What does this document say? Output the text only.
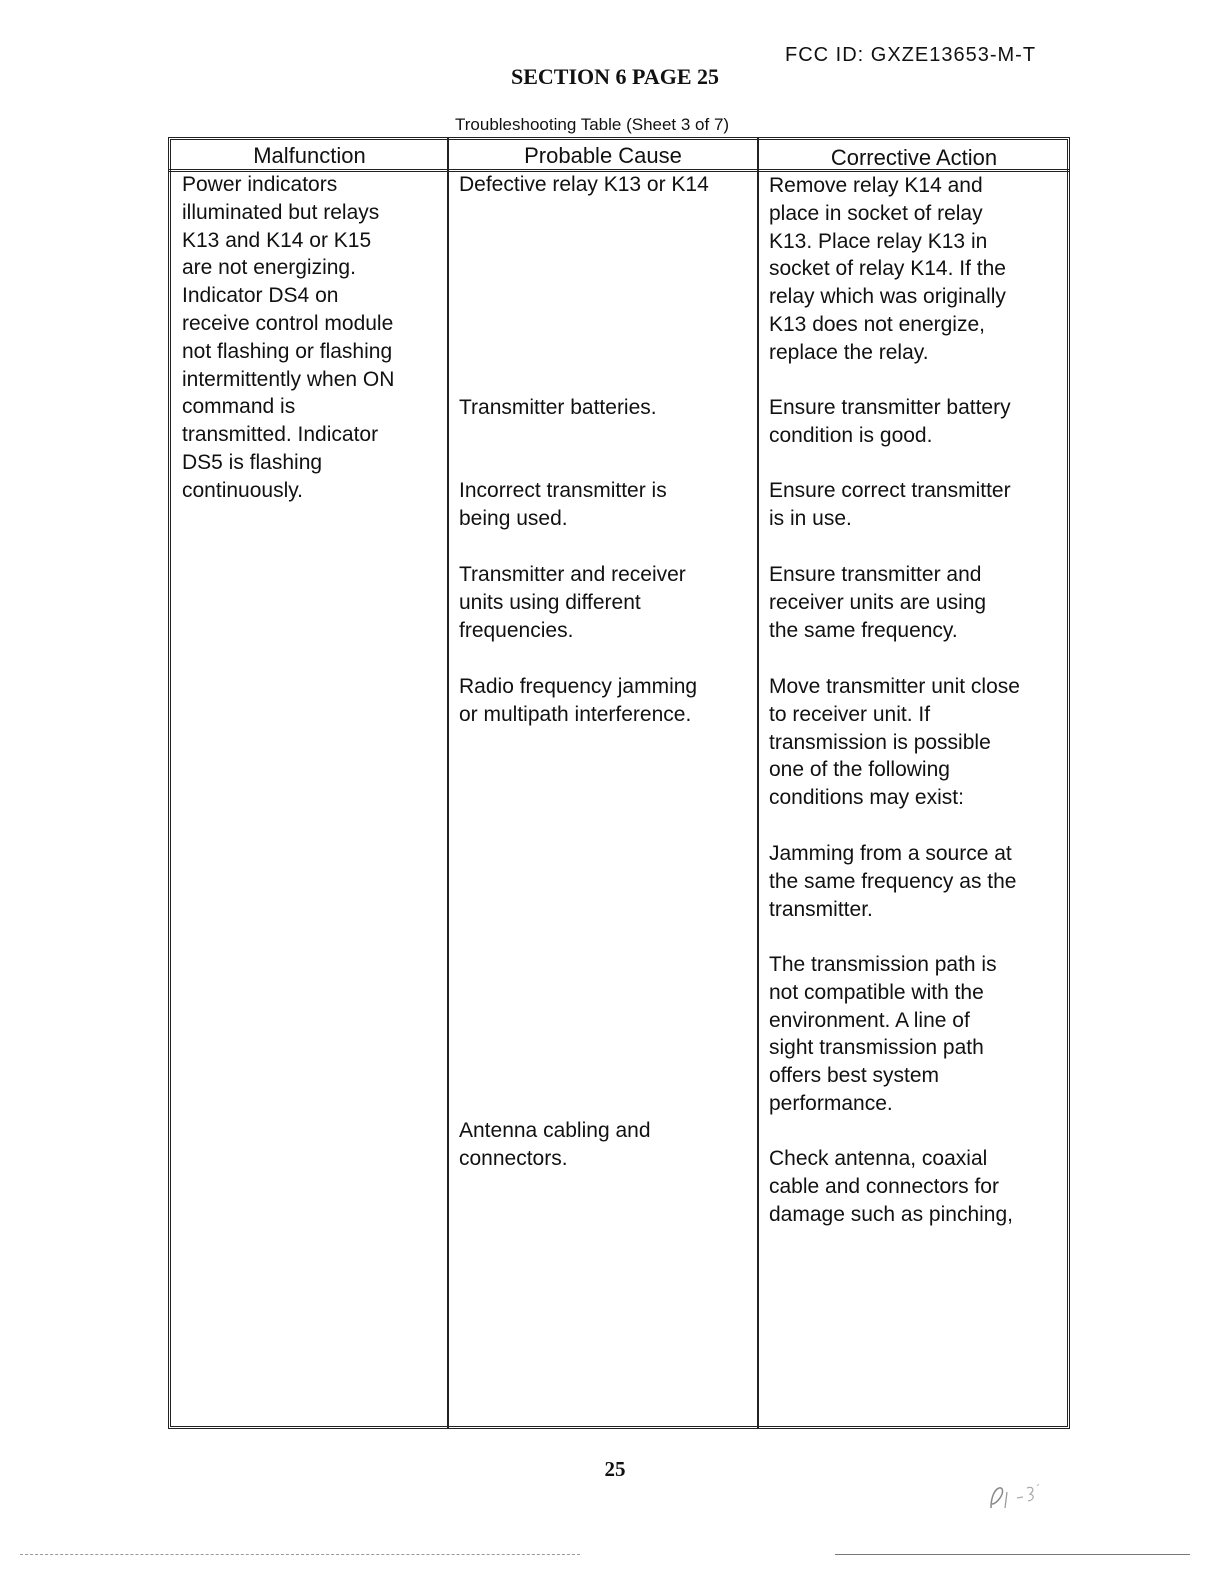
FCC ID: GXZE13653-M-T
SECTION 6 PAGE 25
Troubleshooting Table (Sheet 3 of 7)
Malfunction	Probable Cause	Corrective Action
Power indicators
illuminated but relays
K13 and K14 or K15
are not energizing.
Indicator DS4 on
receive control module
not flashing or flashing
intermittently when ON
command is
transmitted. Indicator
DS5 is flashing
continuously.
Defective relay K13 or K14
Transmitter batteries.
Incorrect transmitter is
being used.
Transmitter and receiver
units using different
frequencies.
Radio frequency jamming
or multipath interference.
Antenna cabling and
connectors.
Remove relay K14 and
place in socket of relay
K13. Place relay K13 in
socket of relay K14. If the
relay which was originally
K13 does not energize,
replace the relay.
Ensure transmitter battery
condition is good.
Ensure correct transmitter
is in use.
Ensure transmitter and
receiver units are using
the same frequency.
Move transmitter unit close
to receiver unit. If
transmission is possible
one of the following
conditions may exist:
Jamming from a source at
the same frequency as the
transmitter.
The transmission path is
not compatible with the
environment. A line of
sight transmission path
offers best system
performance.
Check antenna, coaxial
cable and connectors for
damage such as pinching,
25
